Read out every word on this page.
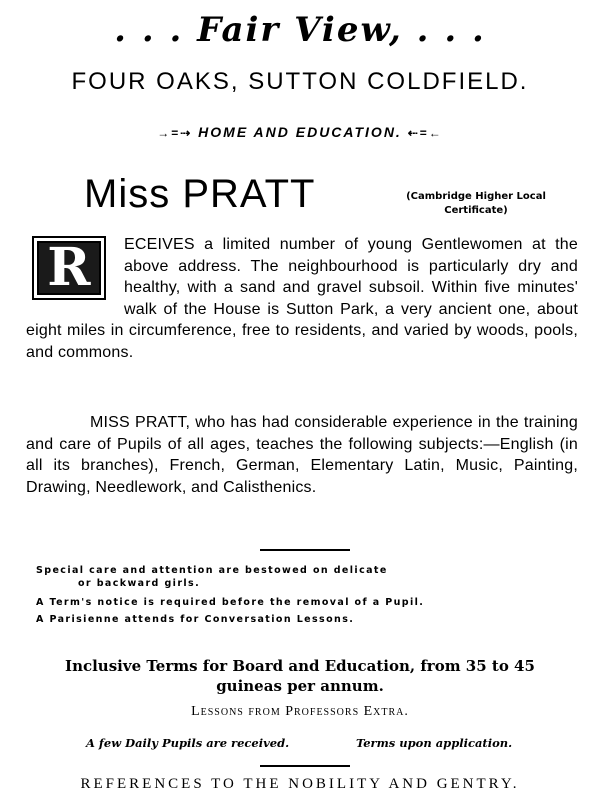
. . . Fair View, . . .
FOUR OAKS, SUTTON COLDFIELD.
→=⇢ HOME AND EDUCATION. ⇠=←
Miss PRATT	(Cambridge Higher Local Certificate)
R	ECEIVES a limited number of young Gentlewomen at the above address. The neighbourhood is particularly dry and healthy, with a sand and gravel subsoil. Within five minutes' walk of the House is Sutton Park, a very ancient one, about eight miles in circumference, free to residents, and varied by woods, pools, and commons.
MISS PRATT, who has had considerable experience in the training and care of Pupils of all ages, teaches the following subjects:—English (in all its branches), French, German, Elementary Latin, Music, Painting, Drawing, Needlework, and Calisthenics.
Special care and attention are bestowed on delicate
or backward girls.
A Term's notice is required before the removal of a Pupil.
A Parisienne attends for Conversation Lessons.
Inclusive Terms for Board and Education, from 35 to 45
guineas per annum.
Lessons from Professors Extra.
A few Daily Pupils are received.	Terms upon application.
REFERENCES TO THE NOBILITY AND GENTRY.
